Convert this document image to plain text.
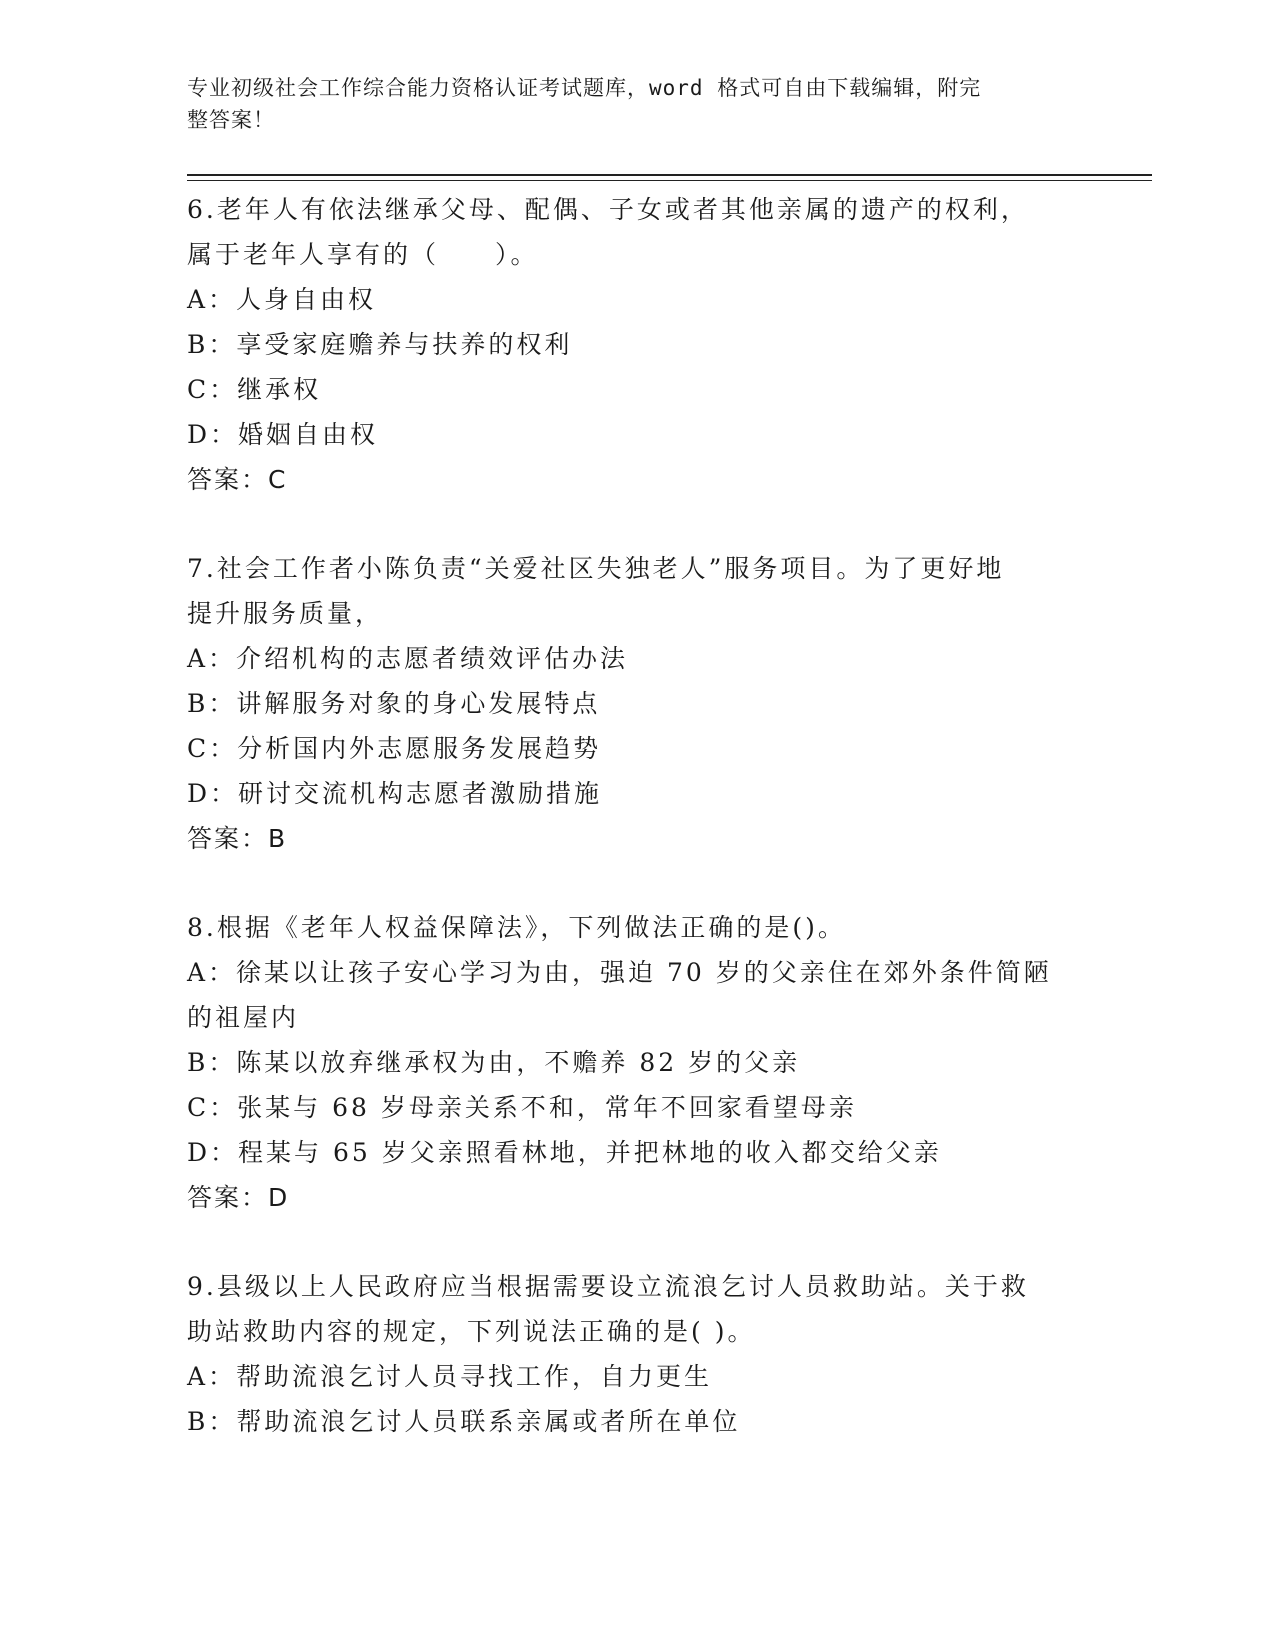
专业初级社会工作综合能力资格认证考试题库，word 格式可自由下载编辑，附完
整答案！
6.老年人有依法继承父母、配偶、子女或者其他亲属的遗产的权利，
属于老年人享有的（　　）。
A：人身自由权
B：享受家庭赡养与扶养的权利
C：继承权
D：婚姻自由权
答案：C
7.社会工作者小陈负责“关爱社区失独老人”服务项目。为了更好地
提升服务质量，
A：介绍机构的志愿者绩效评估办法
B：讲解服务对象的身心发展特点
C：分析国内外志愿服务发展趋势
D：研讨交流机构志愿者激励措施
答案：B
8.根据《老年人权益保障法》，下列做法正确的是()。
A：徐某以让孩子安心学习为由，强迫 70 岁的父亲住在郊外条件简陋
的祖屋内
B：陈某以放弃继承权为由，不赡养 82 岁的父亲
C：张某与 68 岁母亲关系不和，常年不回家看望母亲
D：程某与 65 岁父亲照看林地，并把林地的收入都交给父亲
答案：D
9.县级以上人民政府应当根据需要设立流浪乞讨人员救助站。关于救
助站救助内容的规定，下列说法正确的是( )。
A：帮助流浪乞讨人员寻找工作，自力更生
B：帮助流浪乞讨人员联系亲属或者所在单位
